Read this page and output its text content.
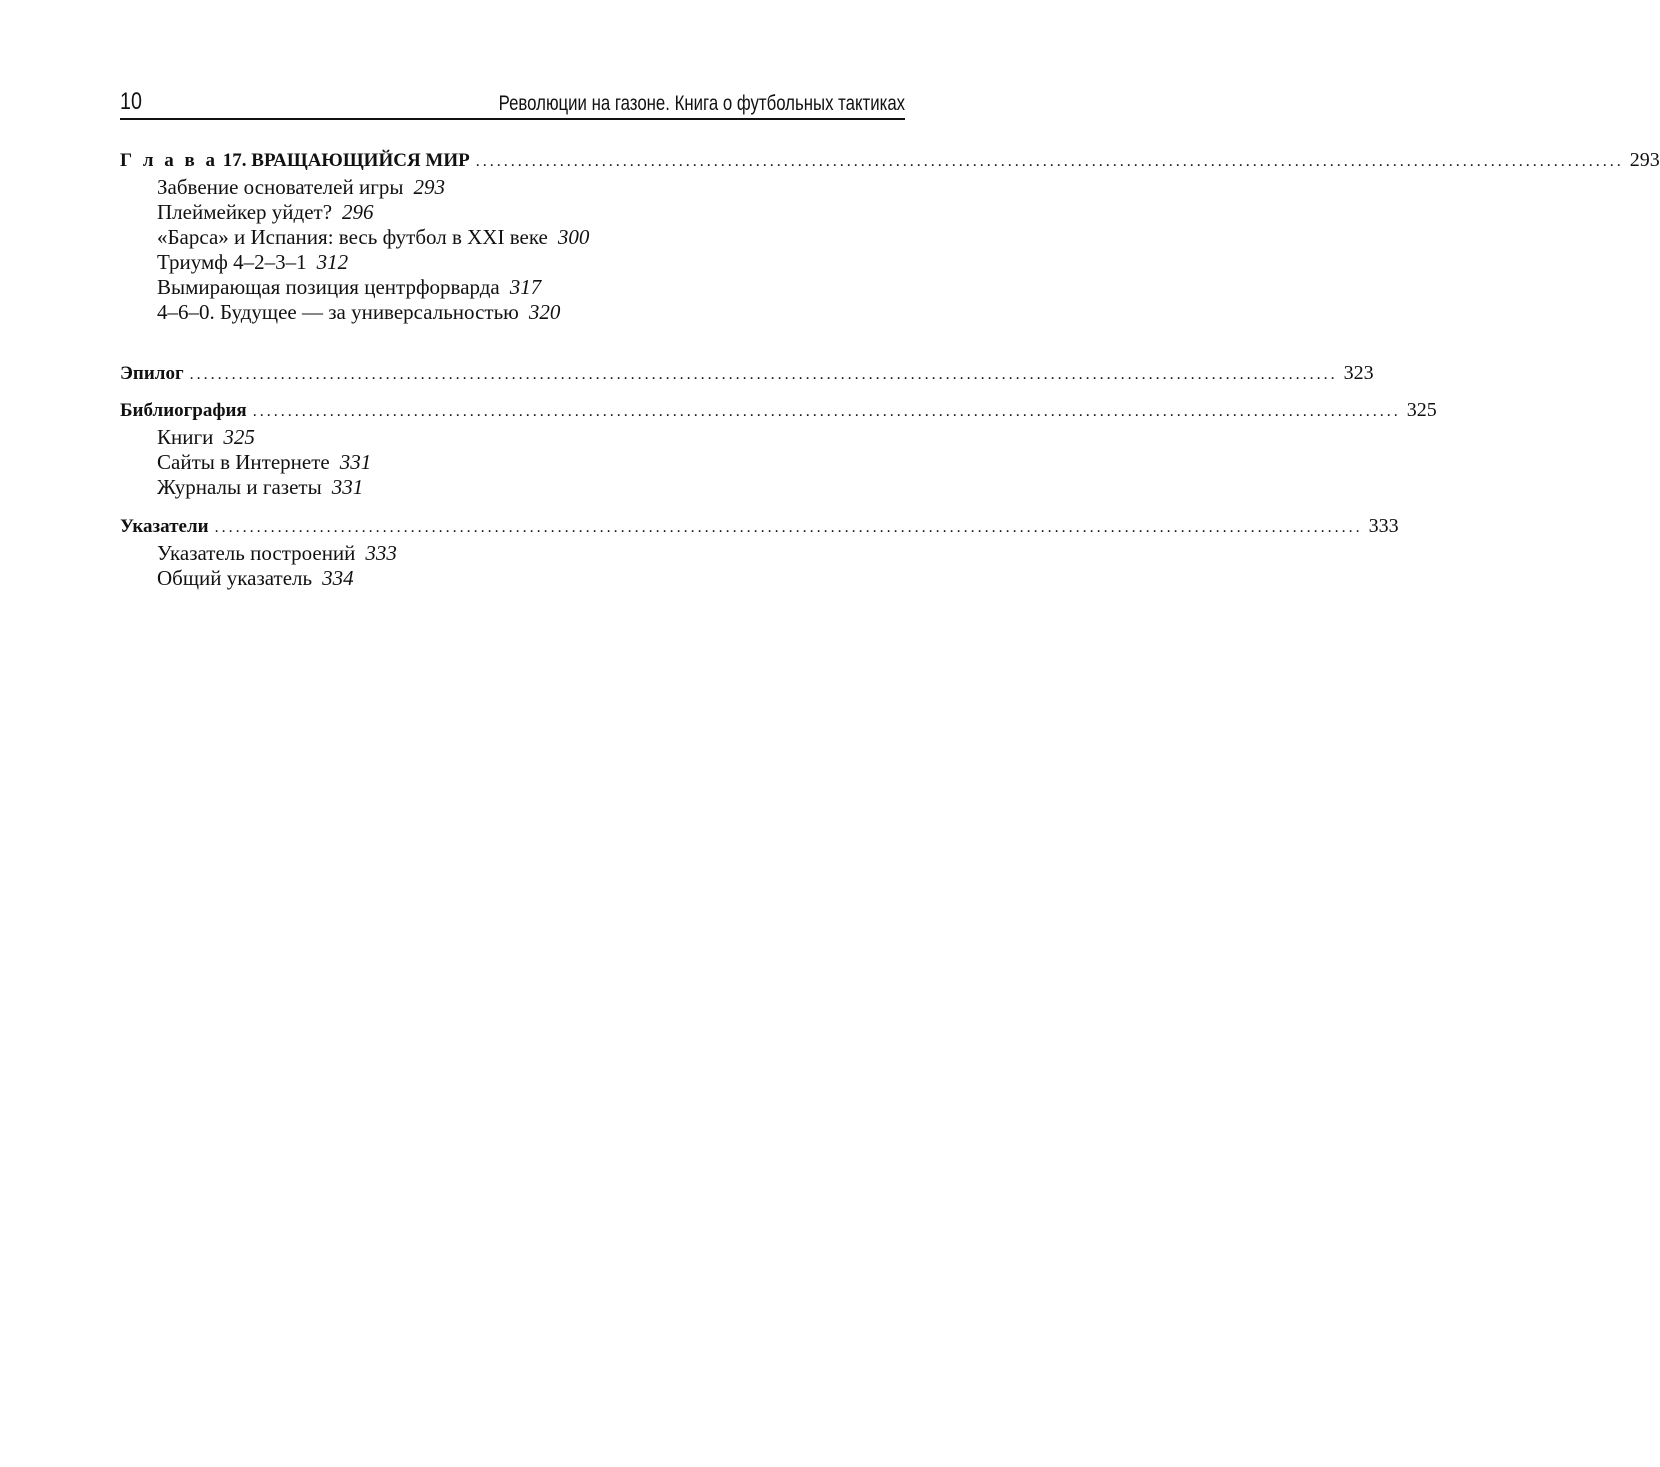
10	Революции на газоне. Книга о футбольных тактиках
Г л а в а 17. ВРАЩАЮЩИЙСЯ МИР .................................................................................................................................................................... 293
Забвение основателей игры 293
Плеймейкер уйдет? 296
«Барса» и Испания: весь футбол в XXI веке 300
Триумф 4–2–3–1 312
Вымирающая позиция центрфорварда 317
4–6–0. Будущее — за универсальностью 320
Эпилог .................................................................................................................................................................... 323
Библиография .................................................................................................................................................................... 325
Книги 325
Сайты в Интернете 331
Журналы и газеты 331
Указатели .................................................................................................................................................................... 333
Указатель построений 333
Общий указатель 334
